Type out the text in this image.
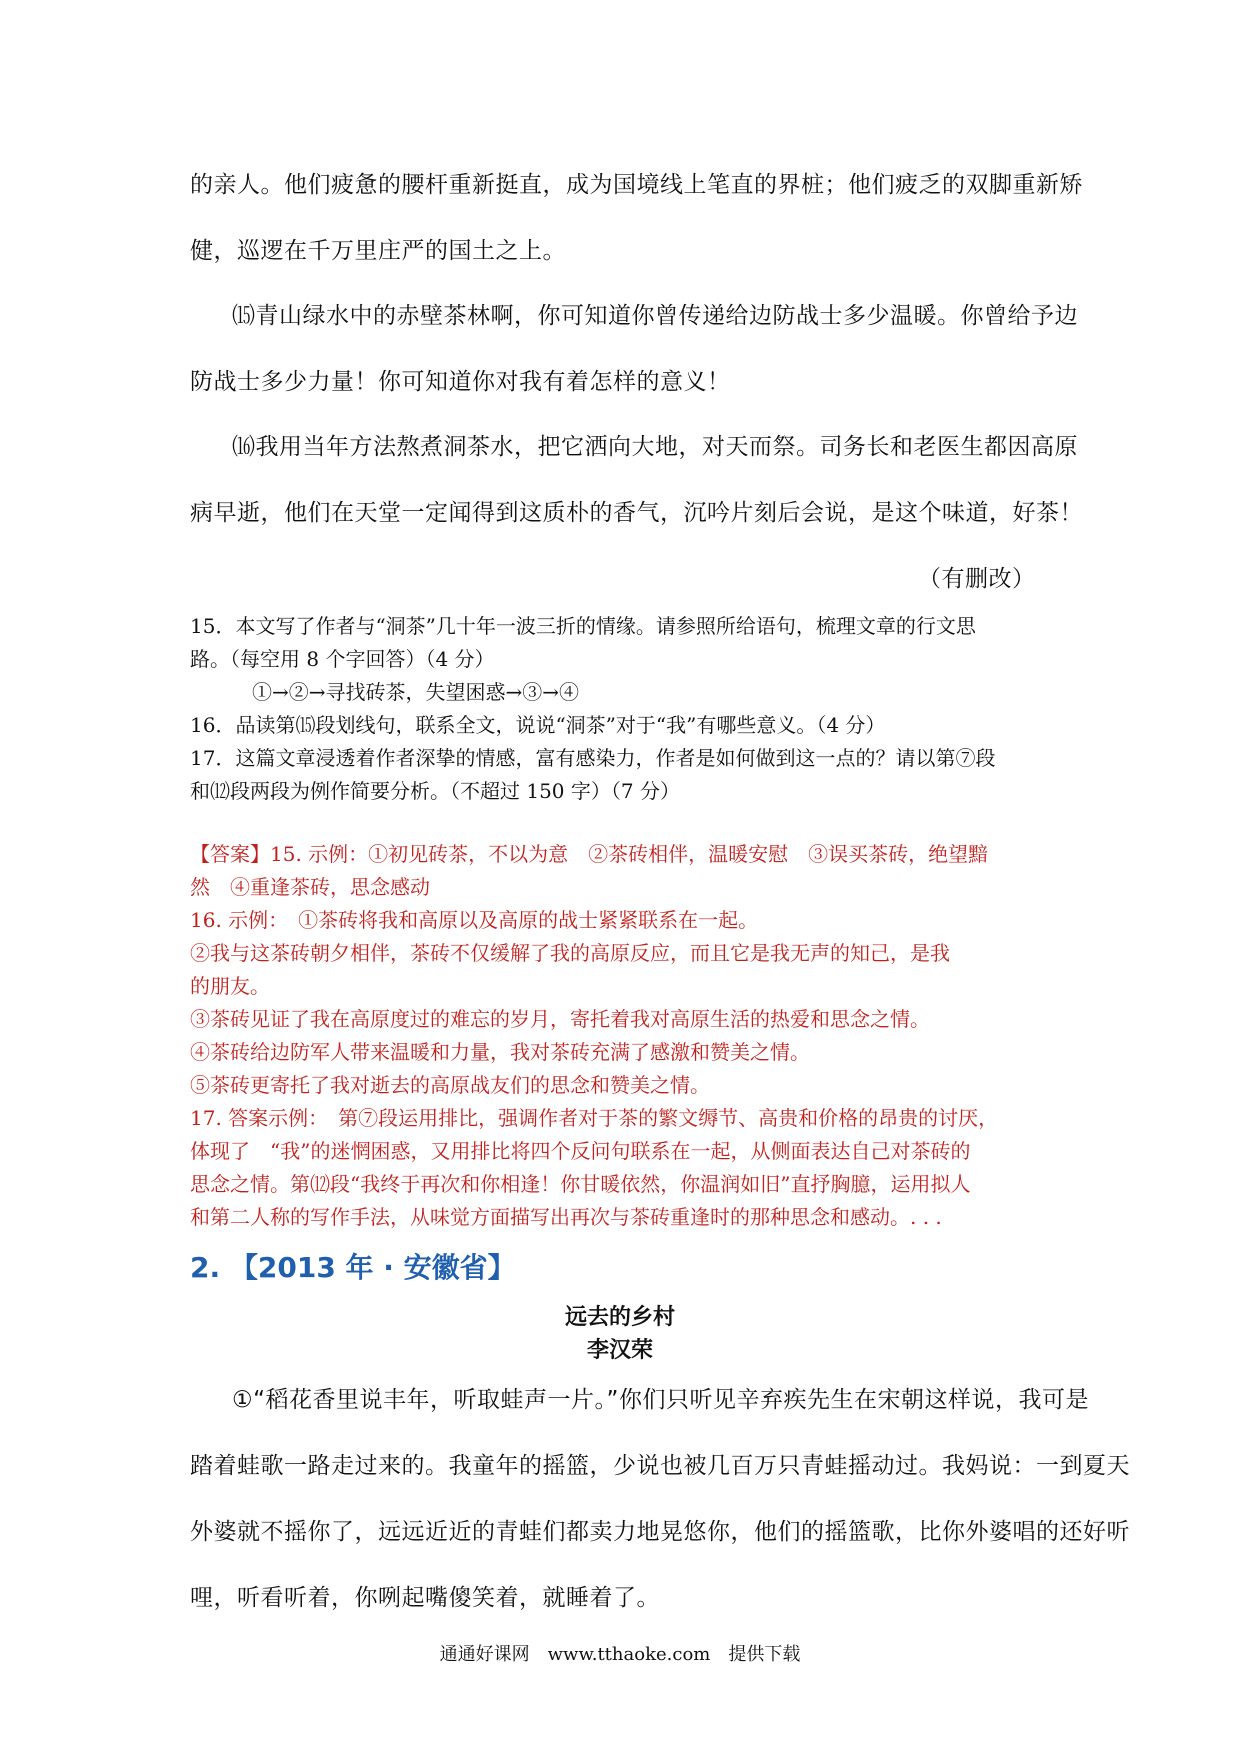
的亲人。他们疲惫的腰杆重新挺直，成为国境线上笔直的界桩；他们疲乏的双脚重新矫
健，巡逻在千万里庄严的国土之上。
⒂青山绿水中的赤壁茶林啊，你可知道你曾传递给边防战士多少温暖。你曾给予边
防战士多少力量！你可知道你对我有着怎样的意义！
⒃我用当年方法熬煮洞茶水，把它洒向大地，对天而祭。司务长和老医生都因高原
病早逝，他们在天堂一定闻得到这质朴的香气，沉吟片刻后会说，是这个味道，好茶！
（有删改）
15．本文写了作者与“洞茶”几十年一波三折的情缘。请参照所给语句，梳理文章的行文思
路。（每空用 8 个字回答）（4 分）
①→②→寻找砖茶，失望困惑→③→④
16．品读第⒂段划线句，联系全文，说说“洞茶”对于“我”有哪些意义。（4 分）
17．这篇文章浸透着作者深挚的情感，富有感染力，作者是如何做到这一点的？请以第⑦段
和⑿段两段为例作简要分析。（不超过 150 字）（7 分）
【答案】15. 示例：①初见砖茶，不以为意　②茶砖相伴，温暖安慰　③误买茶砖，绝望黯
然　④重逢茶砖，思念感动
16. 示例：　①茶砖将我和高原以及高原的战士紧紧联系在一起。
②我与这茶砖朝夕相伴，茶砖不仅缓解了我的高原反应，而且它是我无声的知己，是我
的朋友。
③茶砖见证了我在高原度过的难忘的岁月，寄托着我对高原生活的热爱和思念之情。
④茶砖给边防军人带来温暖和力量，我对茶砖充满了感激和赞美之情。
⑤茶砖更寄托了我对逝去的高原战友们的思念和赞美之情。
17. 答案示例：　第⑦段运用排比，强调作者对于茶的繁文缛节、高贵和价格的昂贵的讨厌，
体现了　“我”的迷惘困惑，又用排比将四个反问句联系在一起，从侧面表达自己对茶砖的
思念之情。第⑿段“我终于再次和你相逢！你甘暖依然，你温润如旧”直抒胸臆，运用拟人
和第二人称的写作手法，从味觉方面描写出再次与茶砖重逢时的那种思念和感动。. . .
2. 【2013 年 · 安徽省】
远去的乡村
李汉荣
①“稻花香里说丰年，听取蛙声一片。”你们只听见辛弃疾先生在宋朝这样说，我可是
踏着蛙歌一路走过来的。我童年的摇篮，少说也被几百万只青蛙摇动过。我妈说：一到夏天
外婆就不摇你了，远远近近的青蛙们都卖力地晃悠你，他们的摇篮歌，比你外婆唱的还好听
哩，听看听着，你咧起嘴傻笑着，就睡着了。
通通好课网　www.tthaoke.com　提供下载
